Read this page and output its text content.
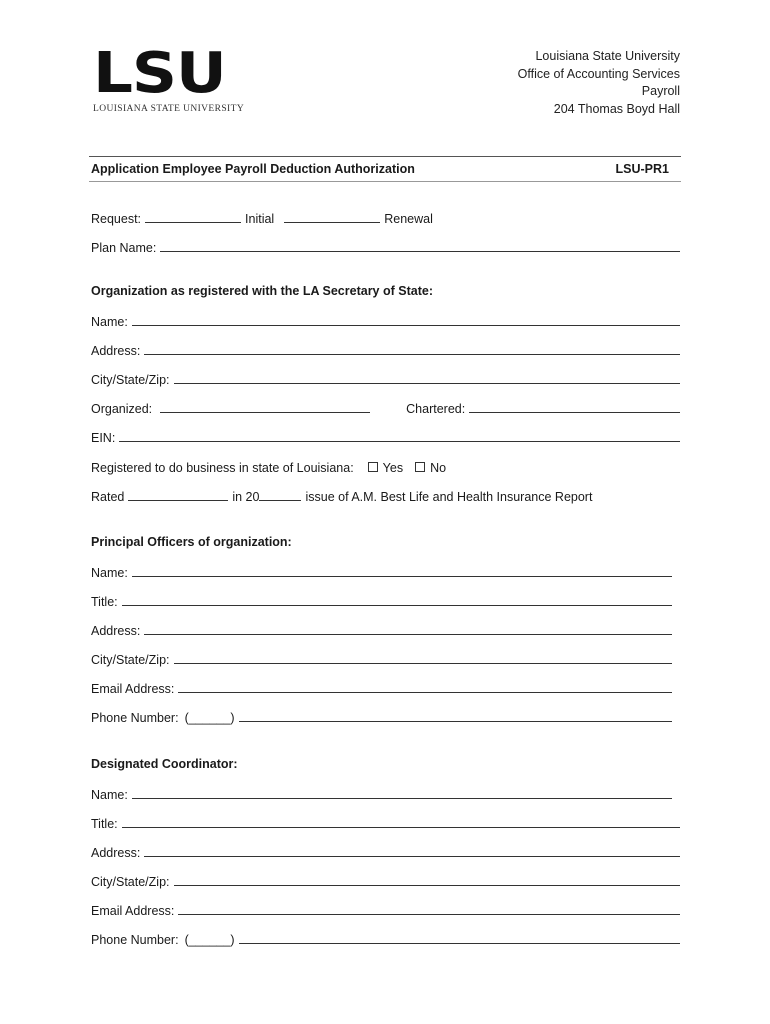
LSU
LOUISIANA STATE UNIVERSITY
Louisiana State University
Office of Accounting Services
Payroll
204 Thomas Boyd Hall
Application Employee Payroll Deduction Authorization	LSU-PR1
Request:	Initial	Renewal
Plan Name:
Organization as registered with the LA Secretary of State:
Name:
Address:
City/State/Zip:
Organized:	Chartered:
EIN:
Registered to do business in state of Louisiana: Yes No
Rated	in 20	issue of A.M. Best Life and Health Insurance Report
Principal Officers of organization:
Name:
Title:
Address:
City/State/Zip:
Email Address:
Phone Number: (______)
Designated Coordinator:
Name:
Title:
Address:
City/State/Zip:
Email Address:
Phone Number: (______)
